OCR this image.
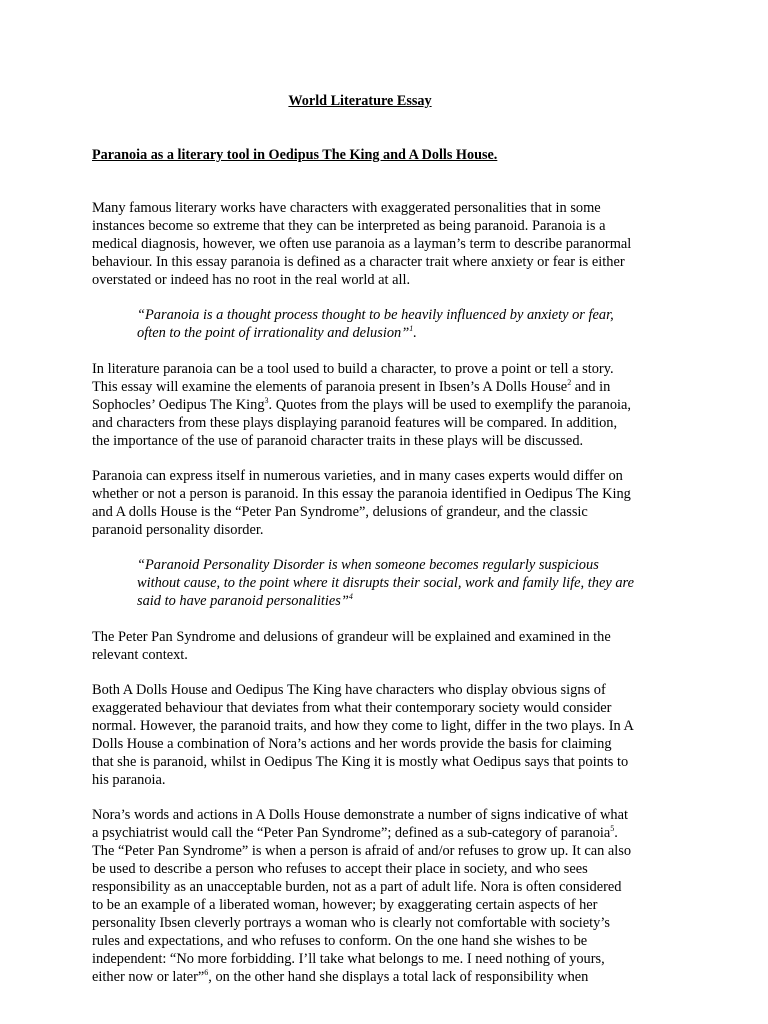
World Literature Essay
Paranoia as a literary tool in Oedipus The King and A Dolls House.
Many famous literary works have characters with exaggerated personalities that in some
instances become so extreme that they can be interpreted as being paranoid. Paranoia is a
medical diagnosis, however, we often use paranoia as a layman’s term to describe paranormal
behaviour. In this essay paranoia is defined as a character trait where anxiety or fear is either
overstated or indeed has no root in the real world at all.
“Paranoia is a thought process thought to be heavily influenced by anxiety or fear,
often to the point of irrationality and delusion”$^1$.
In literature paranoia can be a tool used to build a character, to prove a point or tell a story.
This essay will examine the elements of paranoia present in Ibsen’s A Dolls House$^2$ and in
Sophocles’ Oedipus The King$^3$. Quotes from the plays will be used to exemplify the paranoia,
and characters from these plays displaying paranoid features will be compared. In addition,
the importance of the use of paranoid character traits in these plays will be discussed.
Paranoia can express itself in numerous varieties, and in many cases experts would differ on
whether or not a person is paranoid. In this essay the paranoia identified in Oedipus The King
and A dolls House is the “Peter Pan Syndrome”, delusions of grandeur, and the classic
paranoid personality disorder.
“Paranoid Personality Disorder is when someone becomes regularly suspicious
without cause, to the point where it disrupts their social, work and family life, they are
said to have paranoid personalities”$^4$
The Peter Pan Syndrome and delusions of grandeur will be explained and examined in the
relevant context.
Both A Dolls House and Oedipus The King have characters who display obvious signs of
exaggerated behaviour that deviates from what their contemporary society would consider
normal. However, the paranoid traits, and how they come to light, differ in the two plays. In A
Dolls House a combination of Nora’s actions and her words provide the basis for claiming
that she is paranoid, whilst in Oedipus The King it is mostly what Oedipus says that points to
his paranoia.
Nora’s words and actions in A Dolls House demonstrate a number of signs indicative of what
a psychiatrist would call the “Peter Pan Syndrome”; defined as a sub-category of paranoia$^5$.
The “Peter Pan Syndrome” is when a person is afraid of and/or refuses to grow up. It can also
be used to describe a person who refuses to accept their place in society, and who sees
responsibility as an unacceptable burden, not as a part of adult life. Nora is often considered
to be an example of a liberated woman, however; by exaggerating certain aspects of her
personality Ibsen cleverly portrays a woman who is clearly not comfortable with society’s
rules and expectations, and who refuses to conform. On the one hand she wishes to be
independent: “No more forbidding. I’ll take what belongs to me. I need nothing of yours,
either now or later”$^6$, on the other hand she displays a total lack of responsibility when
